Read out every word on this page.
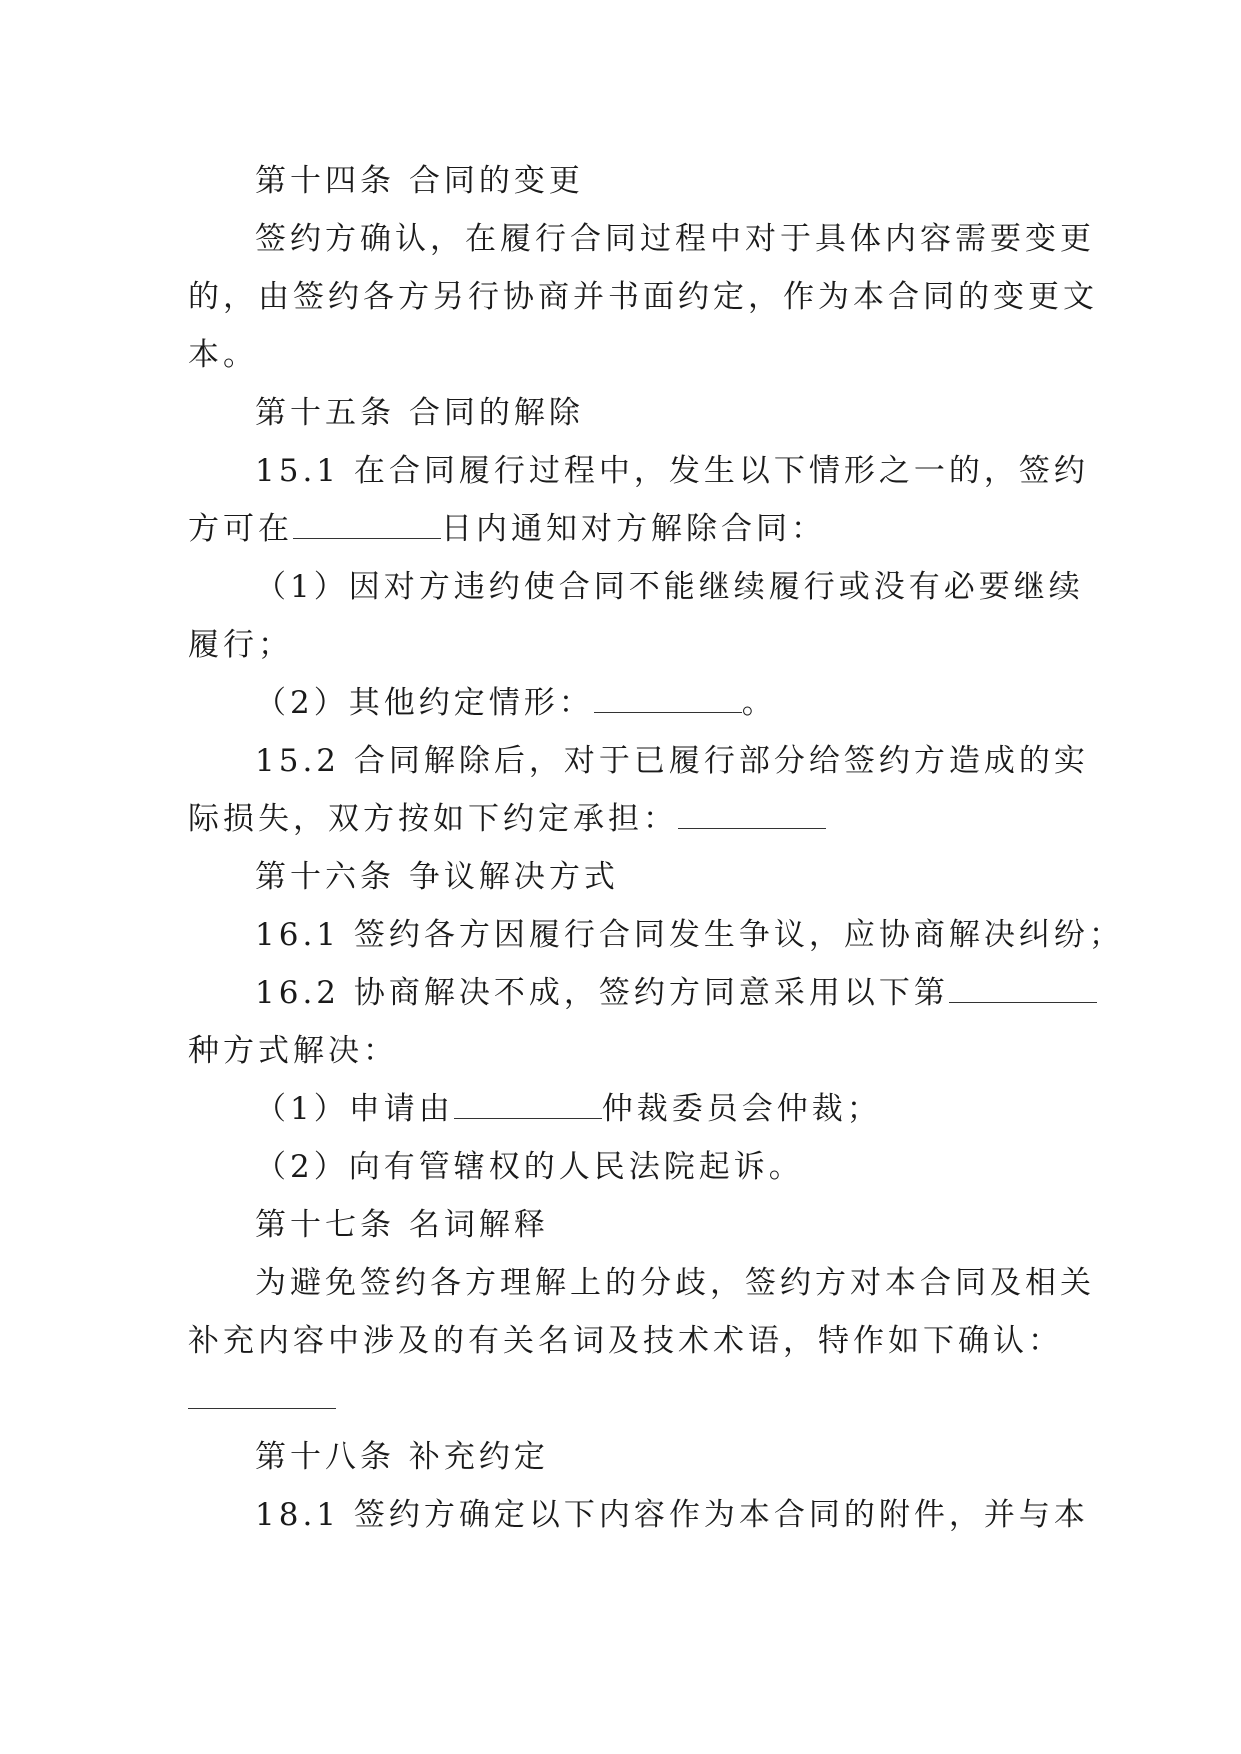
第十四条 合同的变更
签约方确认，在履行合同过程中对于具体内容需要变更
的，由签约各方另行协商并书面约定，作为本合同的变更文
本。
第十五条 合同的解除
15.1 在合同履行过程中，发生以下情形之一的，签约
方可在	日内通知对方解除合同：
（1）因对方违约使合同不能继续履行或没有必要继续
履行；
（2）其他约定情形：	。
15.2 合同解除后，对于已履行部分给签约方造成的实
际损失，双方按如下约定承担：
第十六条 争议解决方式
16.1 签约各方因履行合同发生争议，应协商解决纠纷；
16.2 协商解决不成，签约方同意采用以下第
种方式解决：
（1）申请由	仲裁委员会仲裁；
（2）向有管辖权的人民法院起诉。
第十七条 名词解释
为避免签约各方理解上的分歧，签约方对本合同及相关
补充内容中涉及的有关名词及技术术语，特作如下确认：
第十八条 补充约定
18.1 签约方确定以下内容作为本合同的附件，并与本
